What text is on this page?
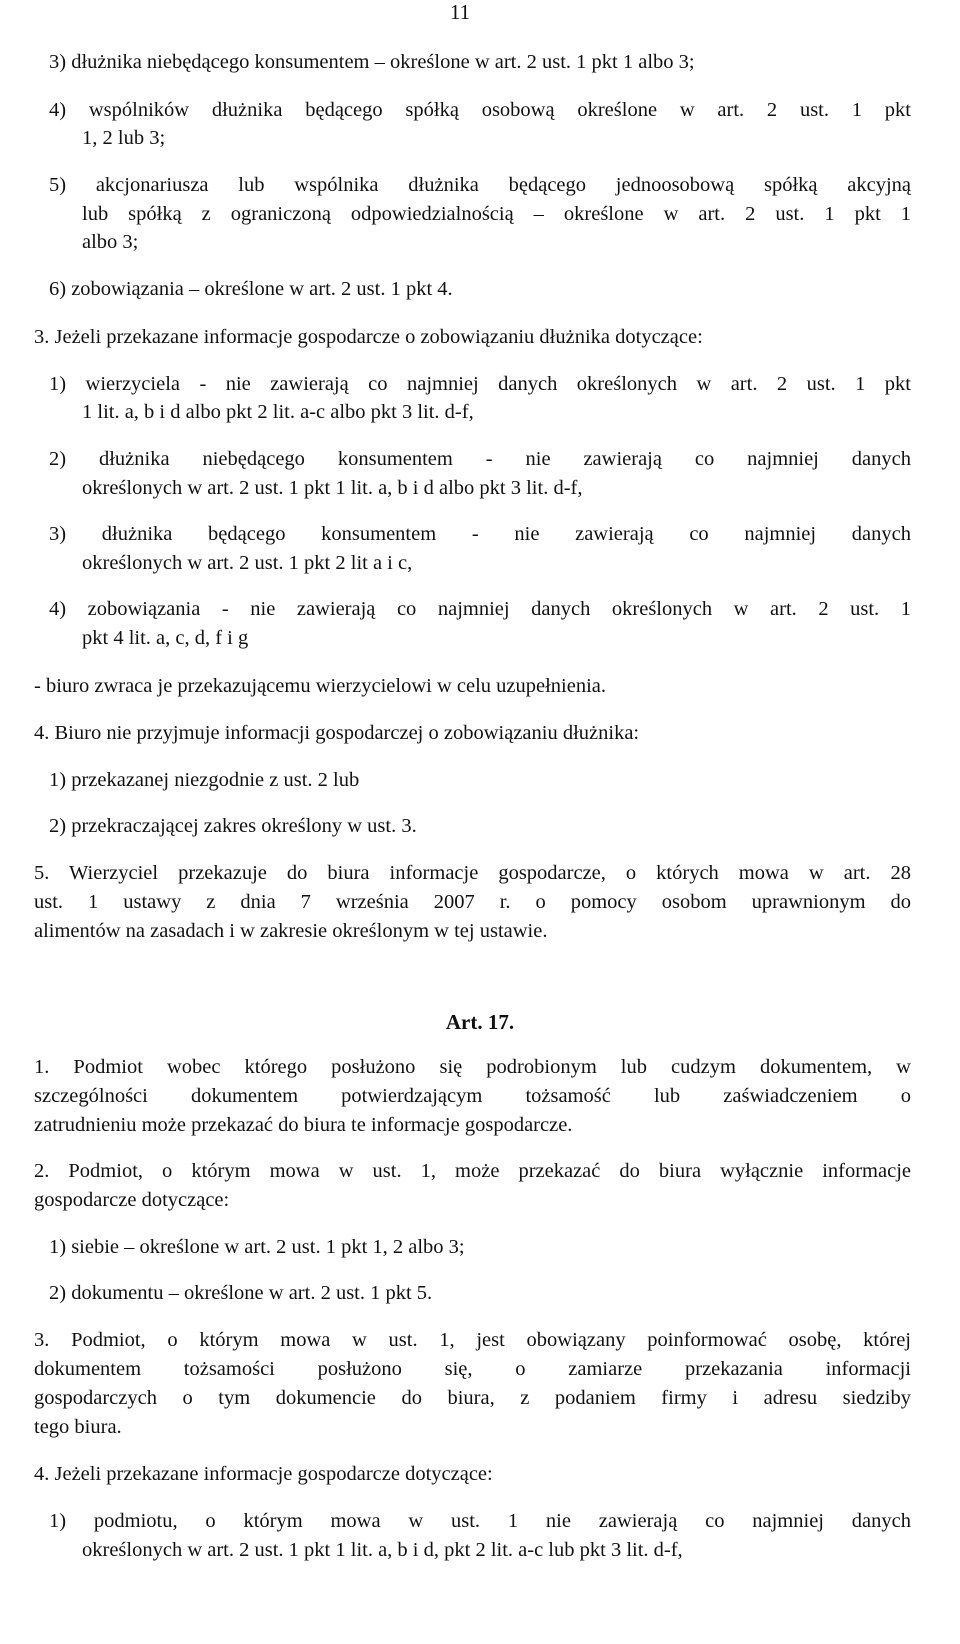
11
3) dłużnika niebędącego konsumentem – określone w art. 2 ust. 1 pkt 1 albo 3;
4) wspólników dłużnika będącego spółką osobową określone w art. 2 ust. 1 pkt
1, 2 lub 3;
5) akcjonariusza lub wspólnika dłużnika będącego jednoosobową spółką akcyjną
lub spółką z ograniczoną odpowiedzialnością – określone w art. 2 ust. 1 pkt 1
albo 3;
6) zobowiązania – określone w art. 2 ust. 1 pkt 4.
3. Jeżeli przekazane informacje gospodarcze o zobowiązaniu dłużnika dotyczące:
1) wierzyciela - nie zawierają co najmniej danych określonych w art. 2 ust. 1 pkt
1 lit. a, b i d albo pkt 2 lit. a-c albo pkt 3 lit. d-f,
2) dłużnika niebędącego konsumentem - nie zawierają co najmniej danych
określonych w art. 2 ust. 1 pkt 1 lit. a, b i d albo pkt 3 lit. d-f,
3) dłużnika będącego konsumentem - nie zawierają co najmniej danych
określonych w art. 2 ust. 1 pkt 2 lit a i c,
4) zobowiązania - nie zawierają co najmniej danych określonych w art. 2 ust. 1
pkt 4 lit. a, c, d, f i g
- biuro zwraca je przekazującemu wierzycielowi w celu uzupełnienia.
4. Biuro nie przyjmuje informacji gospodarczej o zobowiązaniu dłużnika:
1) przekazanej niezgodnie z ust. 2 lub
2) przekraczającej zakres określony w ust. 3.
5. Wierzyciel przekazuje do biura informacje gospodarcze, o których mowa w art. 28
ust. 1 ustawy z dnia 7 września 2007 r. o pomocy osobom uprawnionym do
alimentów na zasadach i w zakresie określonym w tej ustawie.
Art. 17.
1. Podmiot wobec którego posłużono się podrobionym lub cudzym dokumentem, w
szczególności dokumentem potwierdzającym tożsamość lub zaświadczeniem o
zatrudnieniu może przekazać do biura te informacje gospodarcze.
2. Podmiot, o którym mowa w ust. 1, może przekazać do biura wyłącznie informacje
gospodarcze dotyczące:
1) siebie – określone w art. 2 ust. 1 pkt 1, 2 albo 3;
2) dokumentu – określone w art. 2 ust. 1 pkt 5.
3. Podmiot, o którym mowa w ust. 1, jest obowiązany poinformować osobę, której
dokumentem tożsamości posłużono się, o zamiarze przekazania informacji
gospodarczych o tym dokumencie do biura, z podaniem firmy i adresu siedziby
tego biura.
4. Jeżeli przekazane informacje gospodarcze dotyczące:
1) podmiotu, o którym mowa w ust. 1 nie zawierają co najmniej danych
określonych w art. 2 ust. 1 pkt 1 lit. a, b i d, pkt 2 lit. a-c lub pkt 3 lit. d-f,
